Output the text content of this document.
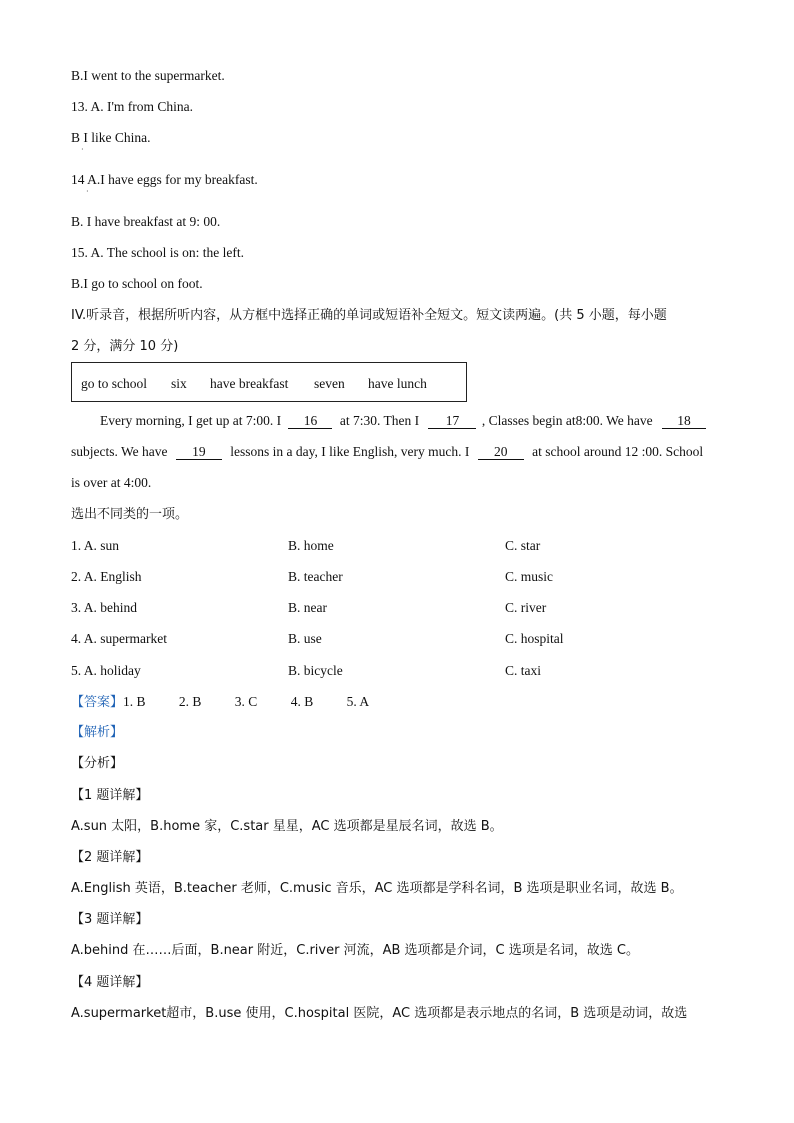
B.I went to the supermarket.
13. A. I'm from China.
B I like China.
·
14 A.I have eggs for my breakfast.
·
B. I have breakfast at 9: 00.
15. A. The school is on: the left.
B.I go to school on foot.
IV.听录音，根据所听内容，从方框中选择正确的单词或短语补全短文。短文读两遍。(共 5 小题，每小题
2 分，满分 10 分)
go to school six have breakfast seven have lunch
Every morning, I get up at 7:00. I 16 at 7:30. Then I 17 , Classes begin at8:00. We have 18
subjects. We have 19 lessons in a day, I like English, very much. I 20 at school around 12 :00. School
is over at 4:00.
选出不同类的一项。
1. A. sun	B. home	C. star
2. A. English	B. teacher	C. music
3. A. behind	B. near	C. river
4. A. supermarket	B. use	C. hospital
5. A. holiday	B. bicycle	C. taxi
【答案】1. B 2. B 3. C 4. B 5. A
【解析】
【分析】
【1 题详解】
A.sun 太阳，B.home 家，C.star 星星，AC 选项都是星辰名词，故选 B。
【2 题详解】
A.English 英语，B.teacher 老师，C.music 音乐，AC 选项都是学科名词，B 选项是职业名词，故选 B。
【3 题详解】
A.behind 在……后面，B.near 附近，C.river 河流，AB 选项都是介词，C 选项是名词，故选 C。
【4 题详解】
A.supermarket超市，B.use 使用，C.hospital 医院，AC 选项都是表示地点的名词，B 选项是动词，故选
